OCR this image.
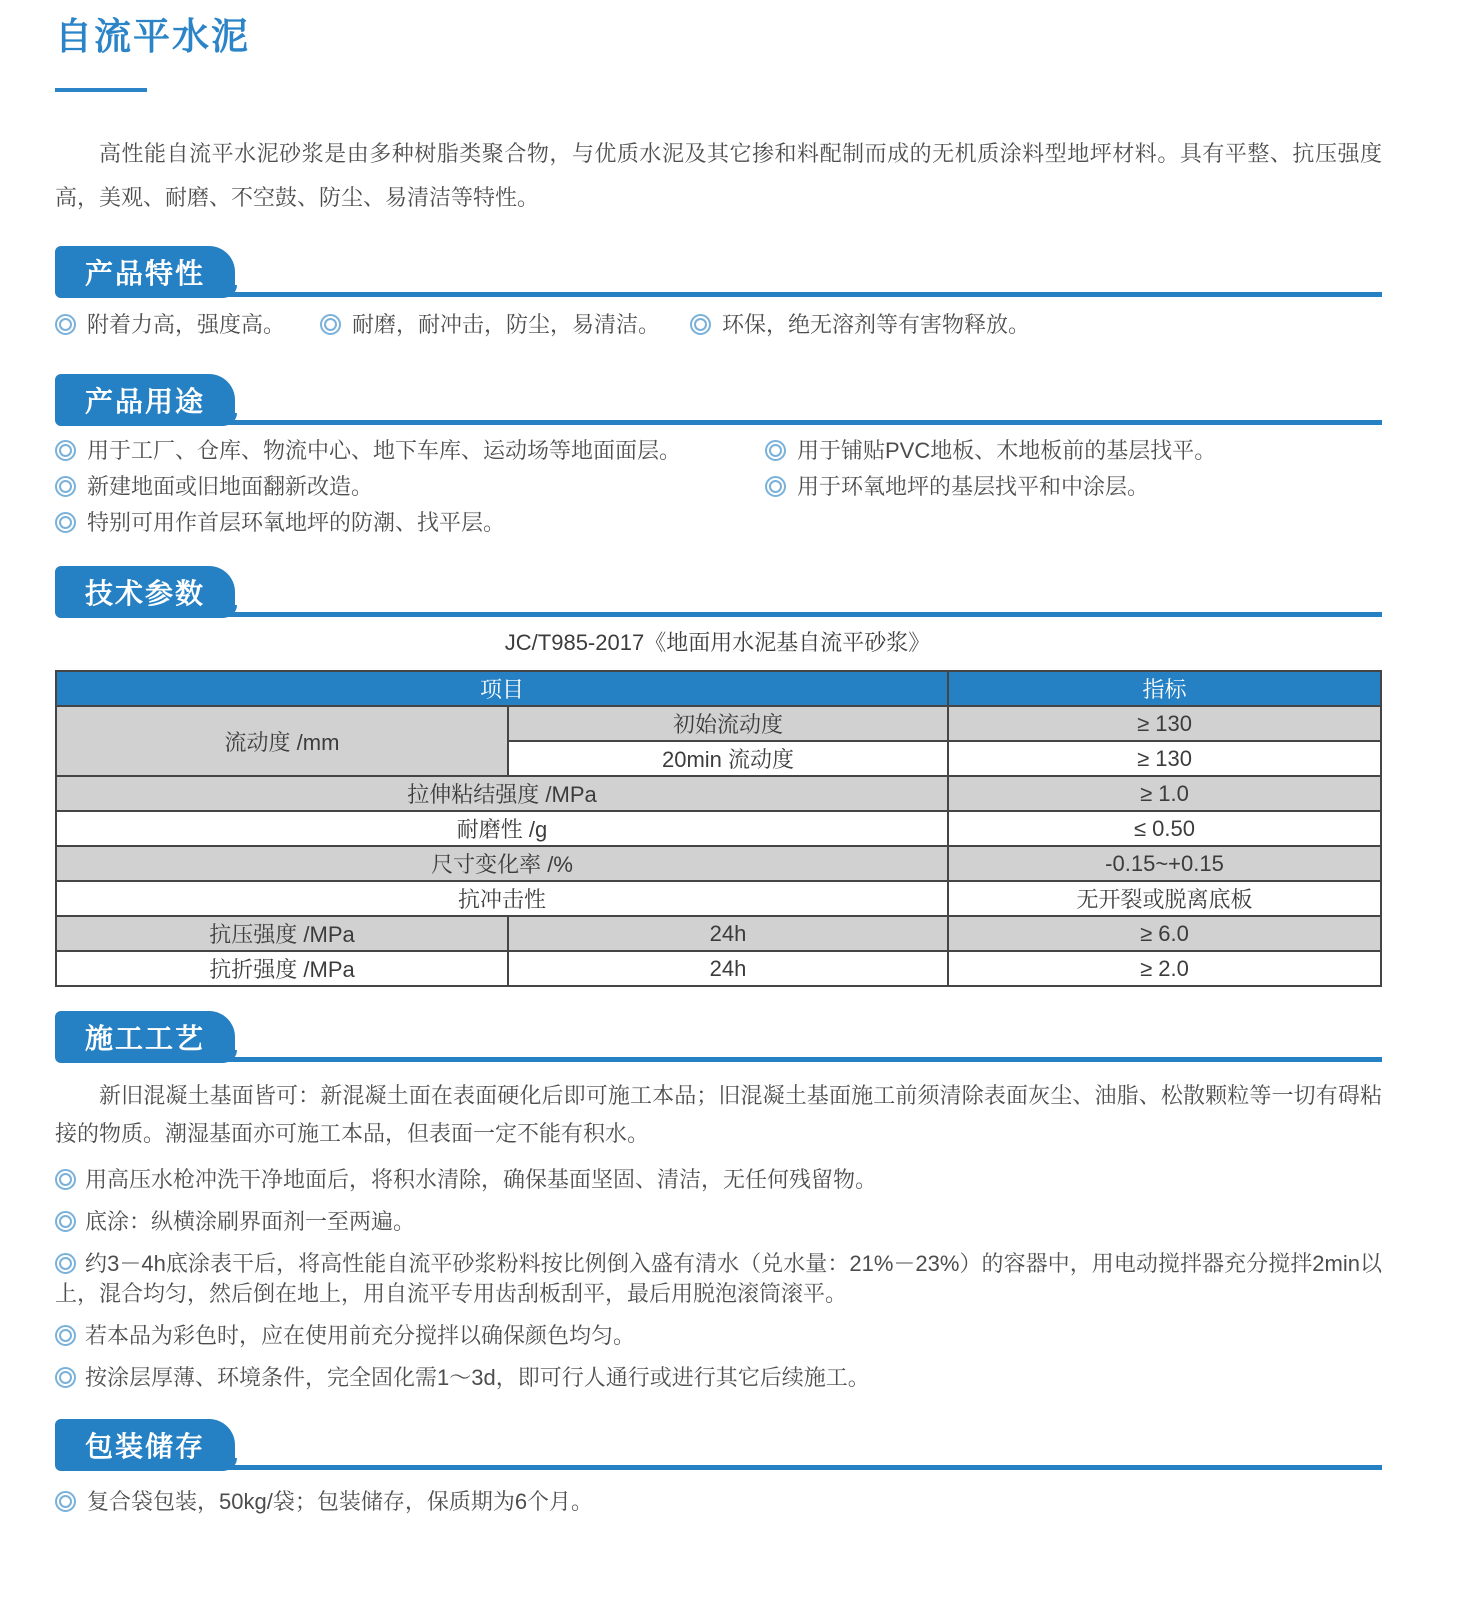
自流平水泥

高性能自流平水泥砂浆是由多种树脂类聚合物，与优质水泥及其它掺和料配制而成的无机质涂料型地坪材料。具有平整、抗压强度高，美观、耐磨、不空鼓、防尘、易清洁等特性。

产品特性
附着力高，强度高。	耐磨，耐冲击，防尘，易清洁。	环保，绝无溶剂等有害物释放。
产品用途
用于工厂、仓库、物流中心、地下车库、运动场等地面面层。
新建地面或旧地面翻新改造。
特别可用作首层环氧地坪的防潮、找平层。
用于铺贴PVC地板、木地板前的基层找平。
用于环氧地坪的基层找平和中涂层。
技术参数
JC/T985-2017《地面用水泥基自流平砂浆》
项目		指标
流动度 /mm	初始流动度	≥ 130
	20min 流动度	≥ 130
拉伸粘结强度 /MPa		≥ 1.0
耐磨性 /g		≤ 0.50
尺寸变化率 /%		-0.15~+0.15
抗冲击性		无开裂或脱离底板
抗压强度 /MPa	24h	≥ 6.0
抗折强度 /MPa	24h	≥ 2.0
施工工艺

新旧混凝土基面皆可：新混凝土面在表面硬化后即可施工本品；旧混凝土基面施工前须清除表面灰尘、油脂、松散颗粒等一切有碍粘接的物质。潮湿基面亦可施工本品，但表面一定不能有积水。

用高压水枪冲洗干净地面后，将积水清除，确保基面坚固、清洁，无任何残留物。
底涂：纵横涂刷界面剂一至两遍。
约3－4h底涂表干后，将高性能自流平砂浆粉料按比例倒入盛有清水（兑水量：21%－23%）的容器中，用电动搅拌器充分搅拌2min以上，混合均匀，然后倒在地上，用自流平专用齿刮板刮平，最后用脱泡滚筒滚平。
若本品为彩色时，应在使用前充分搅拌以确保颜色均匀。
按涂层厚薄、环境条件，完全固化需1～3d，即可行人通行或进行其它后续施工。
包装储存
复合袋包装，50kg/袋；包装储存，保质期为6个月。
